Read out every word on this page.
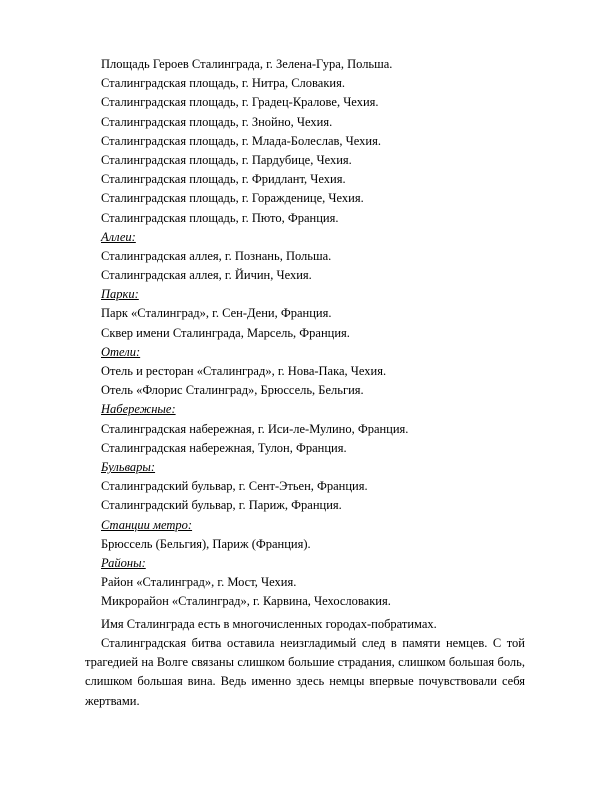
Площадь Героев Сталинграда, г. Зелена-Гура, Польша.
Сталинградская площадь, г. Нитра, Словакия.
Сталинградская площадь, г. Градец-Кралове, Чехия.
Сталинградская площадь, г. Знойно, Чехия.
Сталинградская площадь, г. Млада-Болеслав, Чехия.
Сталинградская площадь, г. Пардубице, Чехия.
Сталинградская площадь, г. Фридлант, Чехия.
Сталинградская площадь, г. Горажденице, Чехия.
Сталинградская площадь, г. Пюто, Франция.
Аллеи:
Сталинградская аллея, г. Познань, Польша.
Сталинградская аллея, г. Йичин, Чехия.
Парки:
Парк «Сталинград», г. Сен-Дени, Франция.
Сквер имени Сталинграда, Марсель, Франция.
Отели:
Отель и ресторан «Сталинград», г. Нова-Пака, Чехия.
Отель «Флорис Сталинград», Брюссель, Бельгия.
Набережные:
Сталинградская набережная, г. Иси-ле-Мулино, Франция.
Сталинградская набережная, Тулон, Франция.
Бульвары:
Сталинградский бульвар, г. Сент-Этьен, Франция.
Сталинградский бульвар, г. Париж, Франция.
Станции метро:
Брюссель (Бельгия), Париж (Франция).
Районы:
Район «Сталинград», г. Мост, Чехия.
Микрорайон «Сталинград», г. Карвина, Чехословакия.
Имя Сталинграда есть в многочисленных городах-побратимах.
Сталинградская битва оставила неизгладимый след в памяти немцев. С той трагедией на Волге связаны слишком большие страдания, слишком большая боль, слишком большая вина. Ведь именно здесь немцы впервые почувствовали себя жертвами.
